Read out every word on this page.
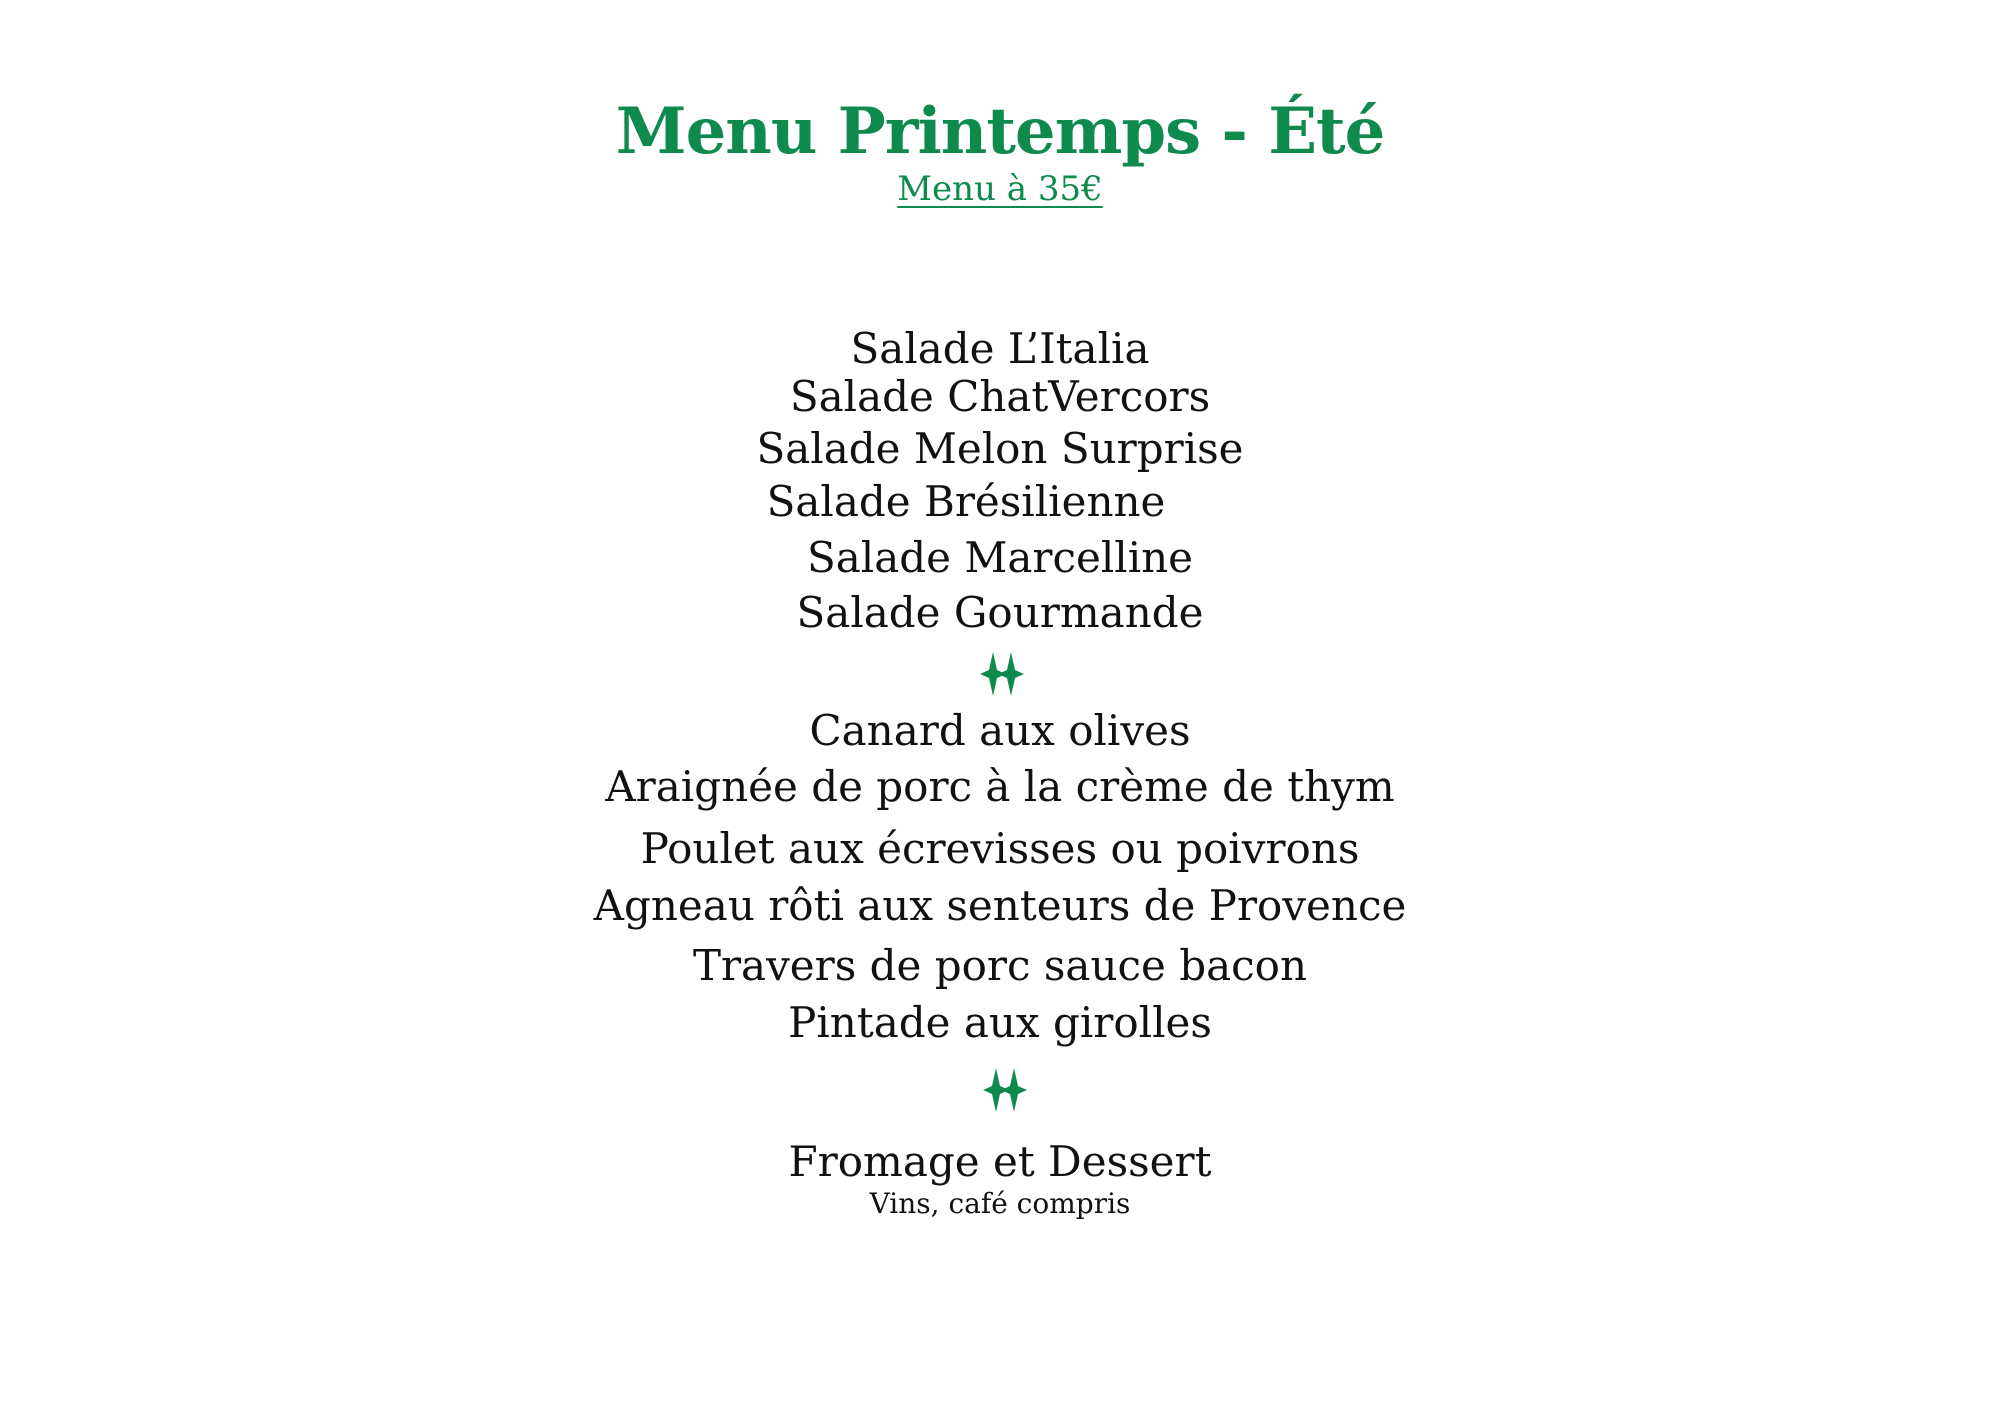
Menu Printemps - Été
Menu à 35€
Salade L’Italia
Salade ChatVercors
Salade Melon Surprise
Salade Brésilienne
Salade Marcelline
Salade Gourmande
Canard aux olives
Araignée de porc à la crème de thym
Poulet aux écrevisses ou poivrons
Agneau rôti aux senteurs de Provence
Travers de porc sauce bacon
Pintade aux girolles
Fromage et Dessert
Vins, café compris
